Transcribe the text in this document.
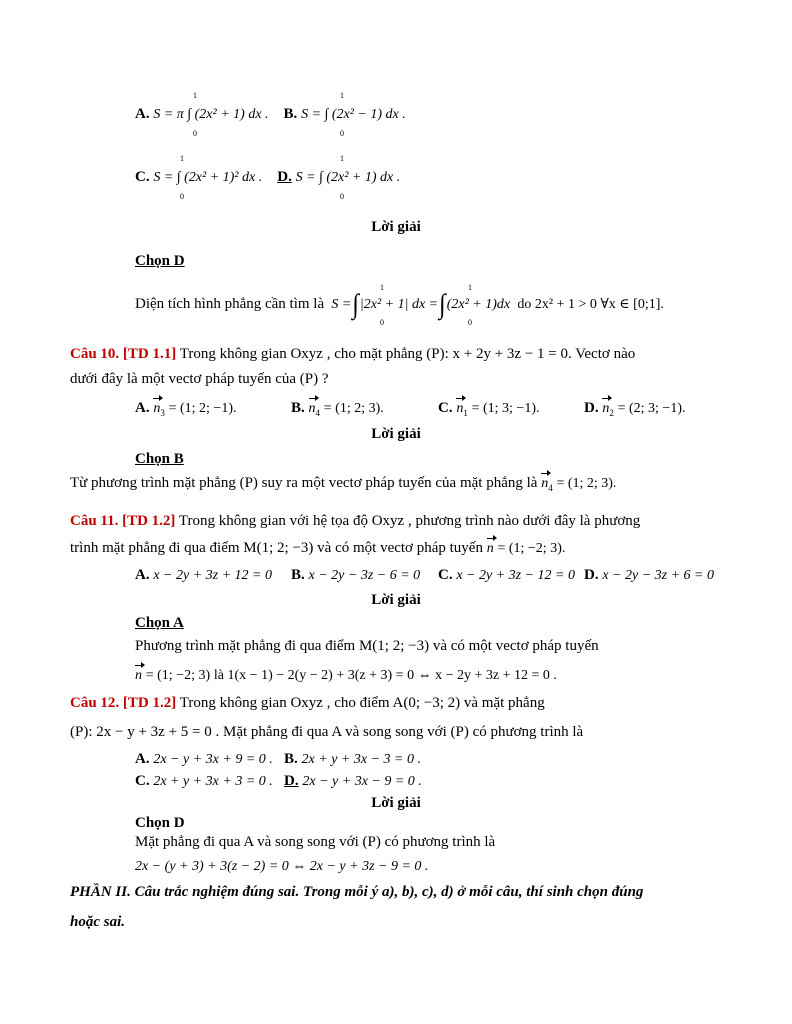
A. S = π ∫ (2x² + 1) dx . B. S = ∫ (2x² − 1) dx .
1
0
1
0
C. S = ∫ (2x² + 1)² dx . D. S = ∫ (2x² + 1) dx .
1
0
1
0
Lời giải
Chọn D
Diện tích hình phẳng cần tìm là  S =∫|2x² + 1| dx =∫(2x² + 1)dx  do 2x² + 1 > 0 ∀x ∈ [0;1].
1
0
1
0
Câu 10. [TD 1.1] Trong không gian Oxyz , cho mặt phẳng (P): x + 2y + 3z − 1 = 0. Vectơ nào
dưới đây là một vectơ pháp tuyến của (P) ?
A. $n_3 = (1$; 2; −1).	B. $n_4 = (1$; 2; 3).	C. $n_1 = (1$; 3; −1).	D. $n_2 = (2$; 3; −1).
Lời giải
Chọn B
Từ phương trình mặt phẳng (P) suy ra một vectơ pháp tuyến của mặt phẳng là $n_4 = (1$; 2; 3).
Câu 11. [TD 1.2] Trong không gian với hệ tọa độ Oxyz , phương trình nào dưới đây là phương
trình mặt phẳng đi qua điểm M(1; 2; −3) và có một vectơ pháp tuyến n = (1; −2; 3).
A. x − 2y + 3z + 12 = 0 B. x − 2y − 3z − 6 = 0 C. x − 2y + 3z − 12 = 0 D. x − 2y − 3z + 6 = 0
Lời giải
Chọn A
Phương trình mặt phẳng đi qua điểm M(1; 2; −3) và có một vectơ pháp tuyến
n = (1; −2; 3) là 1(x − 1) − 2(y − 2) + 3(z + 3) = 0 ⇔ x − 2y + 3z + 12 = 0 .
Câu 12. [TD 1.2] Trong không gian Oxyz , cho điểm A(0; −3; 2) và mặt phẳng
(P): 2x − y + 3z + 5 = 0 . Mặt phẳng đi qua A và song song với (P) có phương trình là
A. 2x − y + 3x + 9 = 0 . B. 2x + y + 3x − 3 = 0 .
C. 2x + y + 3x + 3 = 0 . D. 2x − y + 3x − 9 = 0 .
Lời giải
Chọn D
Mặt phẳng đi qua A và song song với (P) có phương trình là
2x − (y + 3) + 3(z − 2) = 0 ⇔ 2x − y + 3z − 9 = 0 .
PHẦN II. Câu trắc nghiệm đúng sai. Trong mỗi ý a), b), c), d) ở mỗi câu, thí sinh chọn đúng
hoặc sai.
